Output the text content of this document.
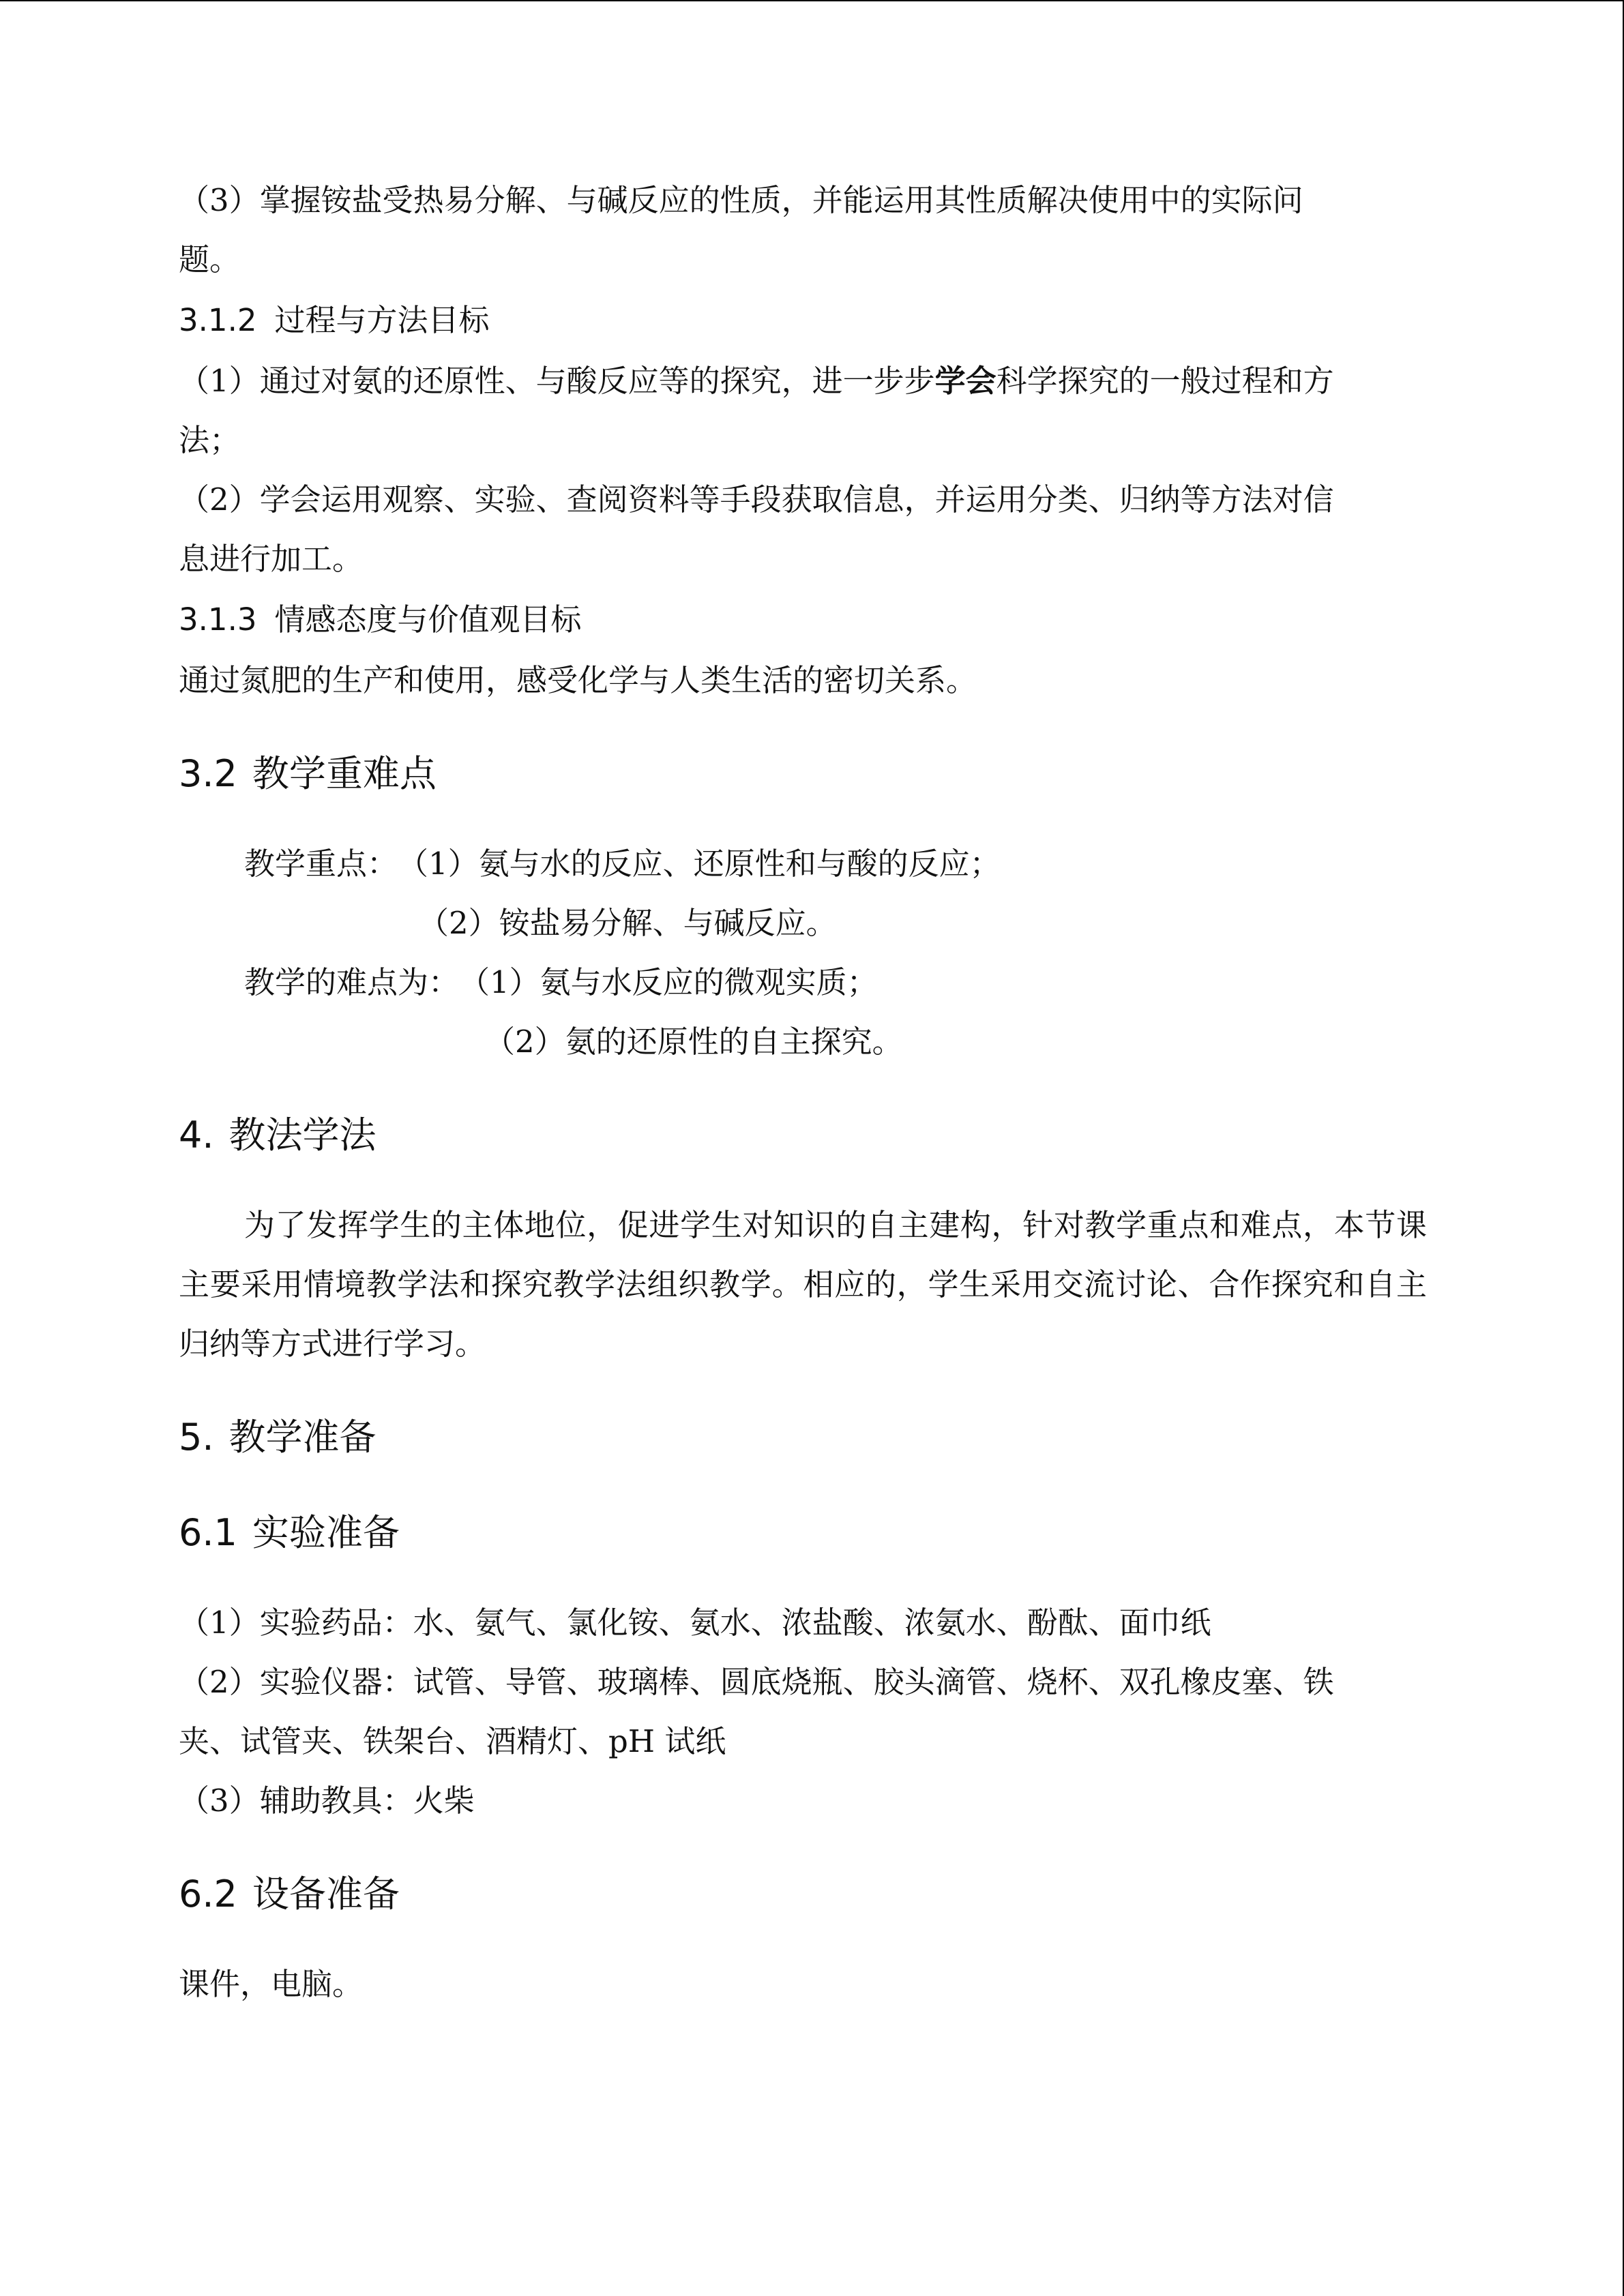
（3）掌握铵盐受热易分解、与碱反应的性质，并能运用其性质解决使用中的实际问

题。

3.1.2 过程与方法目标

（1）通过对氨的还原性、与酸反应等的探究，进一步步学会科学探究的一般过程和方

法；

（2）学会运用观察、实验、查阅资料等手段获取信息，并运用分类、归纳等方法对信

息进行加工。

3.1.3 情感态度与价值观目标

通过氮肥的生产和使用，感受化学与人类生活的密切关系。

3.2 教学重难点
教学重点：（1）氨与水的反应、还原性和与酸的反应；
（2）铵盐易分解、与碱反应。
教学的难点为：（1）氨与水反应的微观实质；
（2）氨的还原性的自主探究。
4. 教法学法

为了发挥学生的主体地位，促进学生对知识的自主建构，针对教学重点和难点，本节课主要采用情境教学法和探究教学法组织教学。相应的，学生采用交流讨论、合作探究和自主归纳等方式进行学习。

5. 教学准备
6.1 实验准备

（1）实验药品：水、氨气、氯化铵、氨水、浓盐酸、浓氨水、酚酞、面巾纸

（2）实验仪器：试管、导管、玻璃棒、圆底烧瓶、胶头滴管、烧杯、双孔橡皮塞、铁

夹、试管夹、铁架台、酒精灯、pH 试纸

（3）辅助教具：火柴

6.2 设备准备

课件，电脑。
